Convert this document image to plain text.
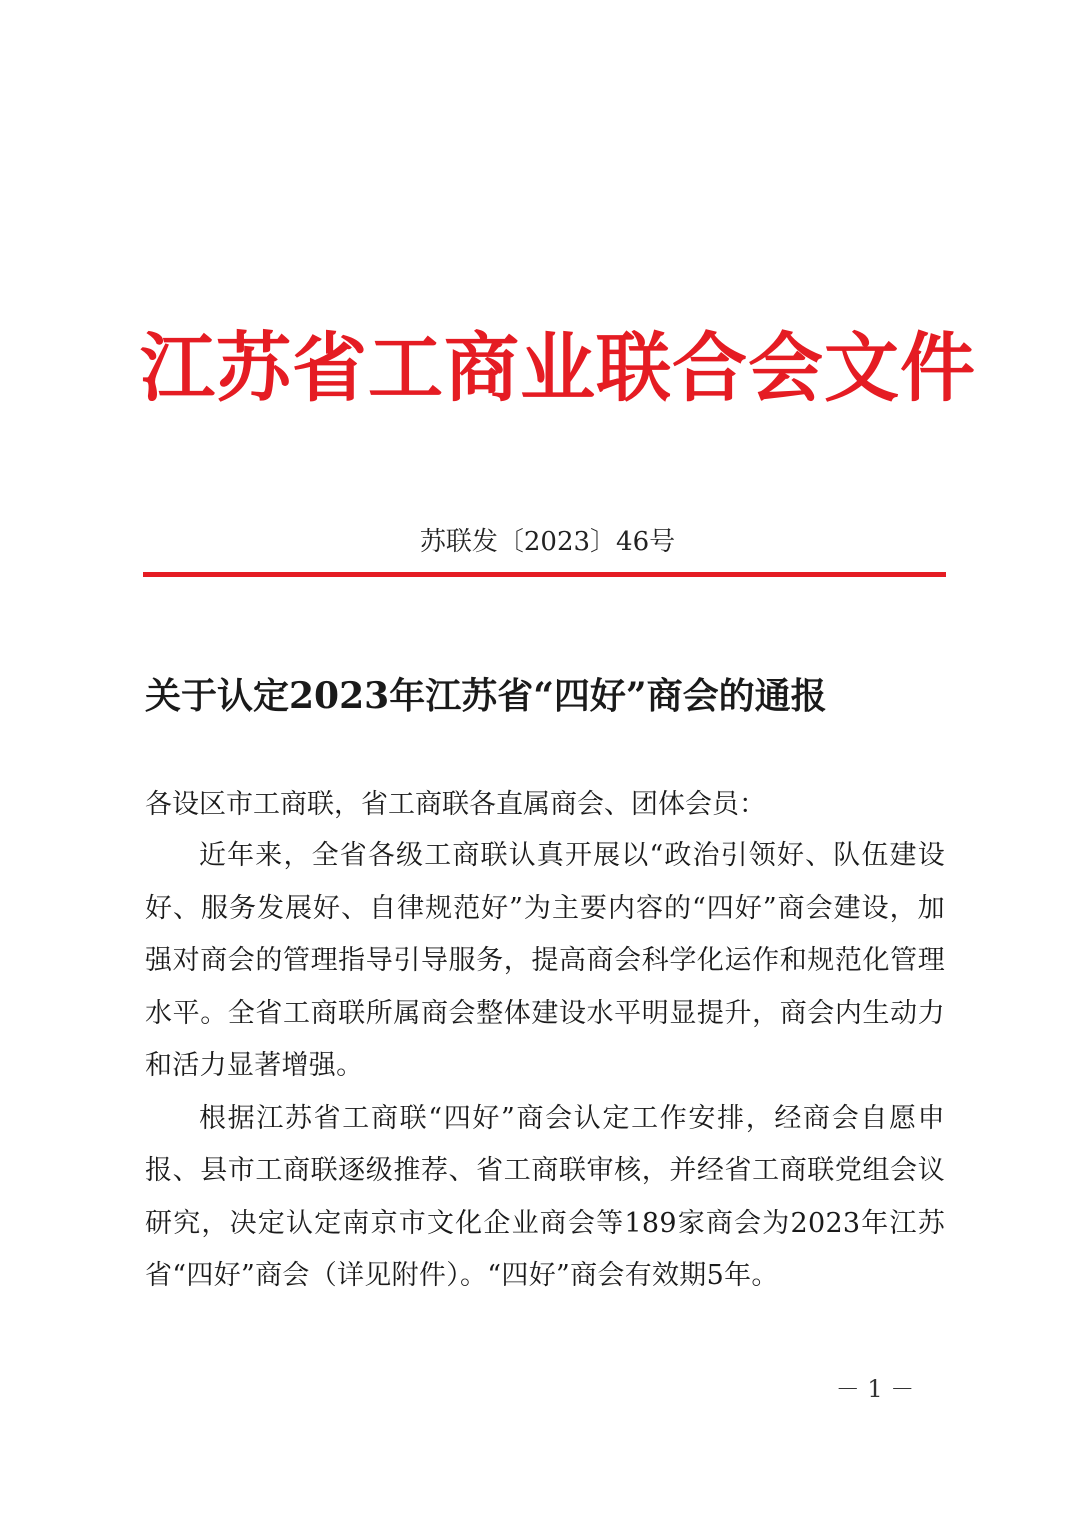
江苏省工商业联合会文件
苏联发〔2023〕46号
关于认定2023年江苏省“四好”商会的通报

各设区市工商联，省工商联各直属商会、团体会员：

近年来，全省各级工商联认真开展以“政治引领好、队伍建设好、服务发展好、自律规范好”为主要内容的“四好”商会建设，加强对商会的管理指导引导服务，提高商会科学化运作和规范化管理水平。全省工商联所属商会整体建设水平明显提升，商会内生动力和活力显著增强。

根据江苏省工商联“四好”商会认定工作安排，经商会自愿申报、县市工商联逐级推荐、省工商联审核，并经省工商联党组会议研究，决定认定南京市文化企业商会等189家商会为2023年江苏省“四好”商会（详见附件）。“四好”商会有效期5年。

－ 1 －
